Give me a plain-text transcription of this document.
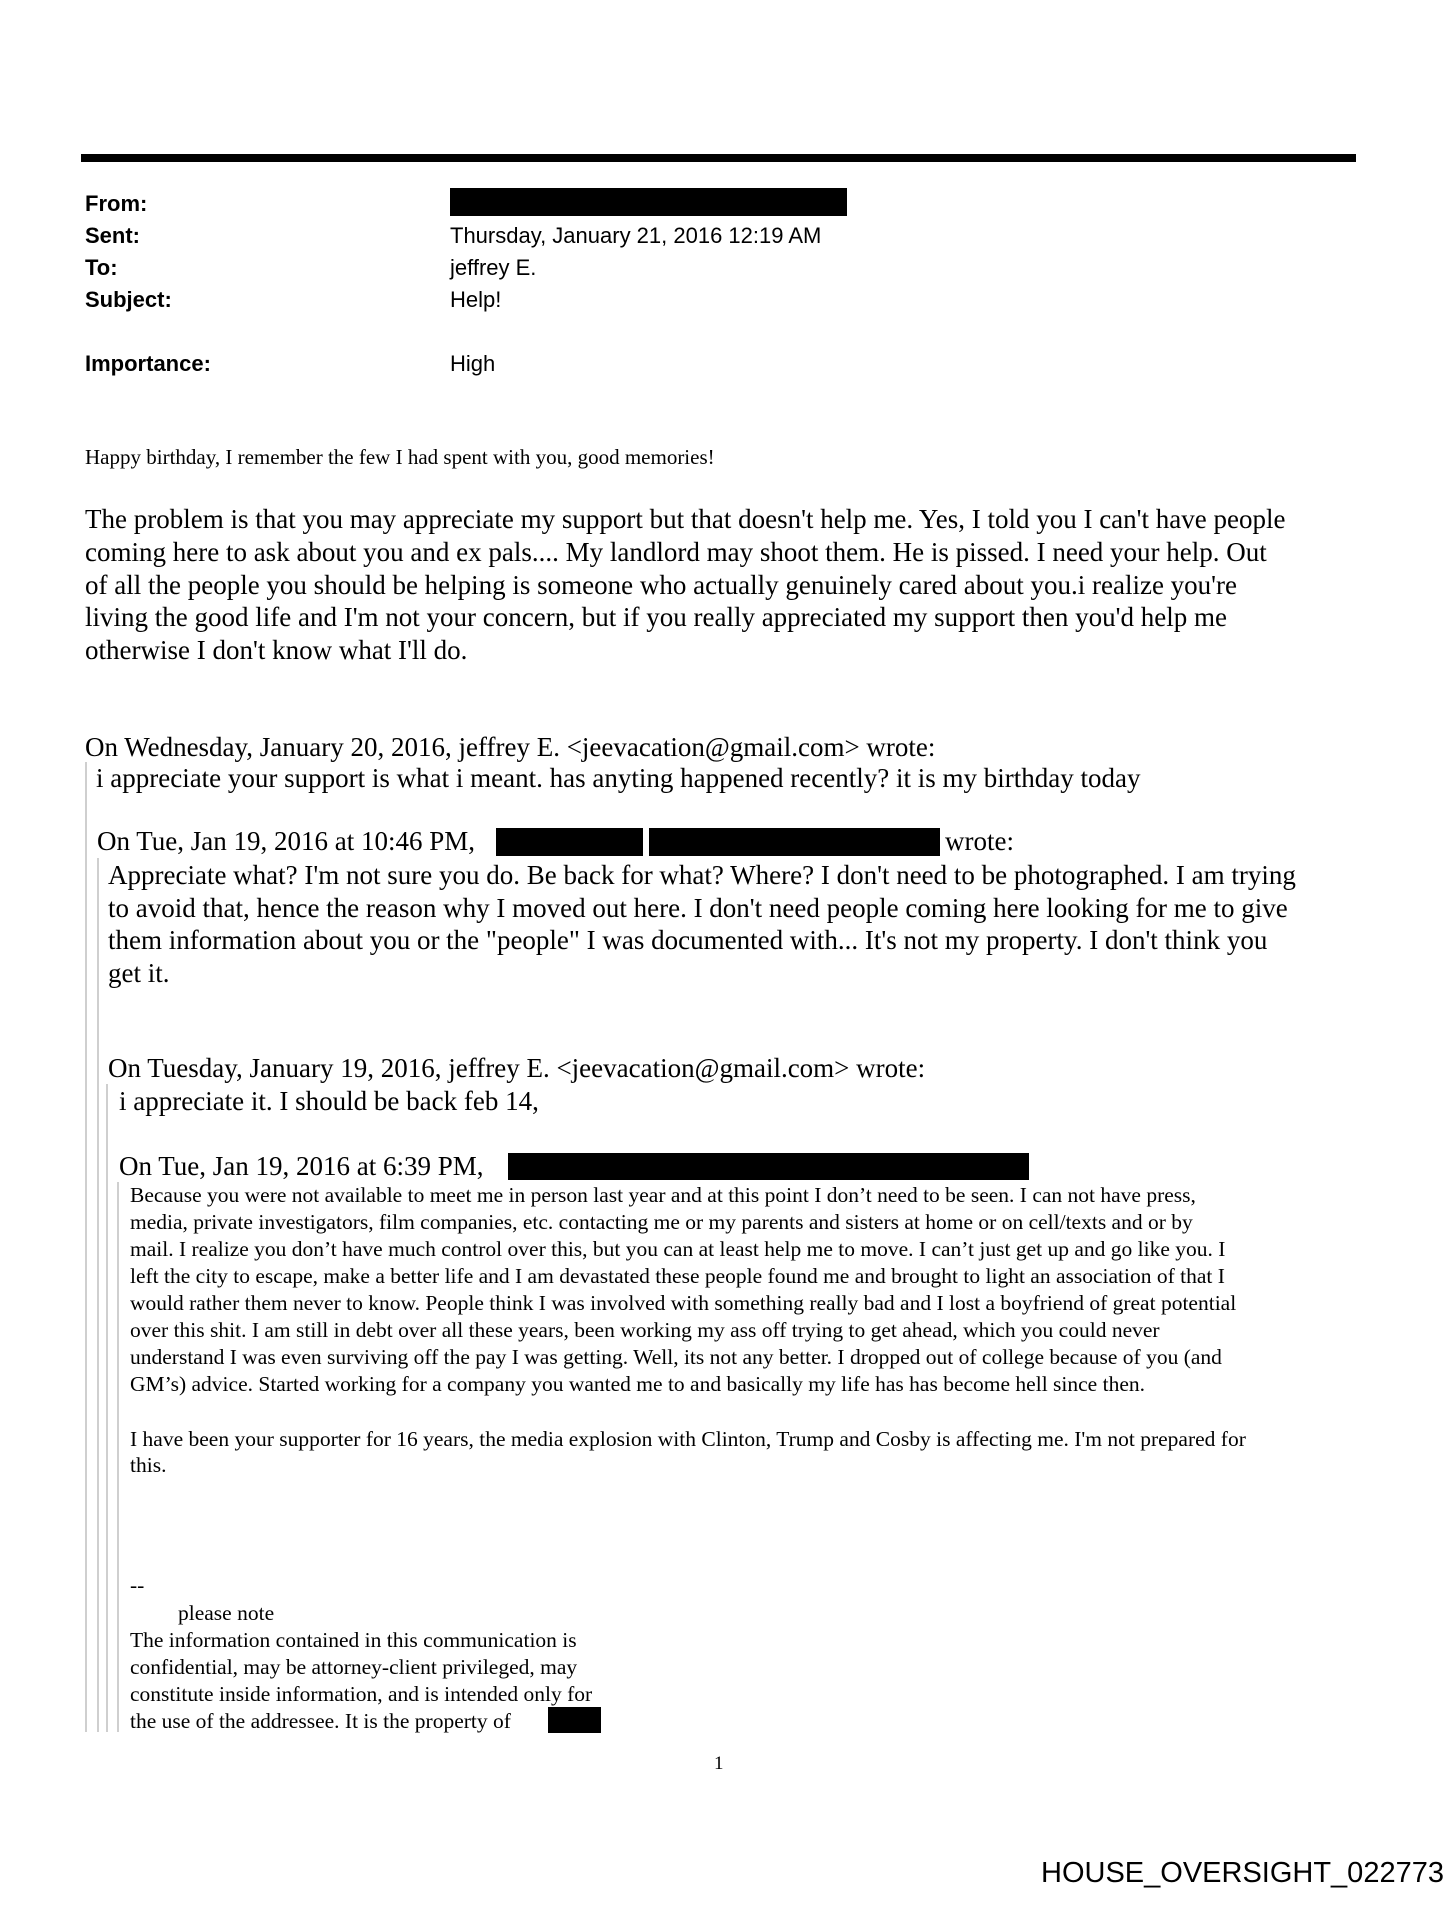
From:
Sent:	Thursday, January 21, 2016 12:19 AM
To:	jeffrey E.
Subject:	Help!
Importance:	High
Happy birthday, I remember the few I had spent with you, good memories!
The problem is that you may appreciate my support but that doesn't help me. Yes, I told you I can't have people
coming here to ask about you and ex pals.... My landlord may shoot them. He is pissed. I need your help. Out
of all the people you should be helping is someone who actually genuinely cared about you.i realize you're
living the good life and I'm not your concern, but if you really appreciated my support then you'd help me
otherwise I don't know what I'll do.
On Wednesday, January 20, 2016, jeffrey E. <jeevacation@gmail.com> wrote:
i appreciate your support is what i meant. has anyting happened recently? it is my birthday today
On Tue, Jan 19, 2016 at 10:46 PM,	wrote:
Appreciate what? I'm not sure you do. Be back for what? Where? I don't need to be photographed. I am trying
to avoid that, hence the reason why I moved out here. I don't need people coming here looking for me to give
them information about you or the "people" I was documented with... It's not my property. I don't think you
get it.
On Tuesday, January 19, 2016, jeffrey E. <jeevacation@gmail.com> wrote:
i appreciate it. I should be back feb 14,
On Tue, Jan 19, 2016 at 6:39 PM,
Because you were not available to meet me in person last year and at this point I don’t need to be seen. I can not have press,
media, private investigators, film companies, etc. contacting me or my parents and sisters at home or on cell/texts and or by
mail. I realize you don’t have much control over this, but you can at least help me to move. I can’t just get up and go like you. I
left the city to escape, make a better life and I am devastated these people found me and brought to light an association of that I
would rather them never to know. People think I was involved with something really bad and I lost a boyfriend of great potential
over this shit. I am still in debt over all these years, been working my ass off trying to get ahead, which you could never
understand I was even surviving off the pay I was getting. Well, its not any better. I dropped out of college because of you (and
GM’s) advice. Started working for a company you wanted me to and basically my life has has become hell since then.
I have been your supporter for 16 years, the media explosion with Clinton, Trump and Cosby is affecting me. I'm not prepared for
this.
--
please note
The information contained in this communication is
confidential, may be attorney-client privileged, may
constitute inside information, and is intended only for
the use of the addressee. It is the property of
1
HOUSE_OVERSIGHT_022773
